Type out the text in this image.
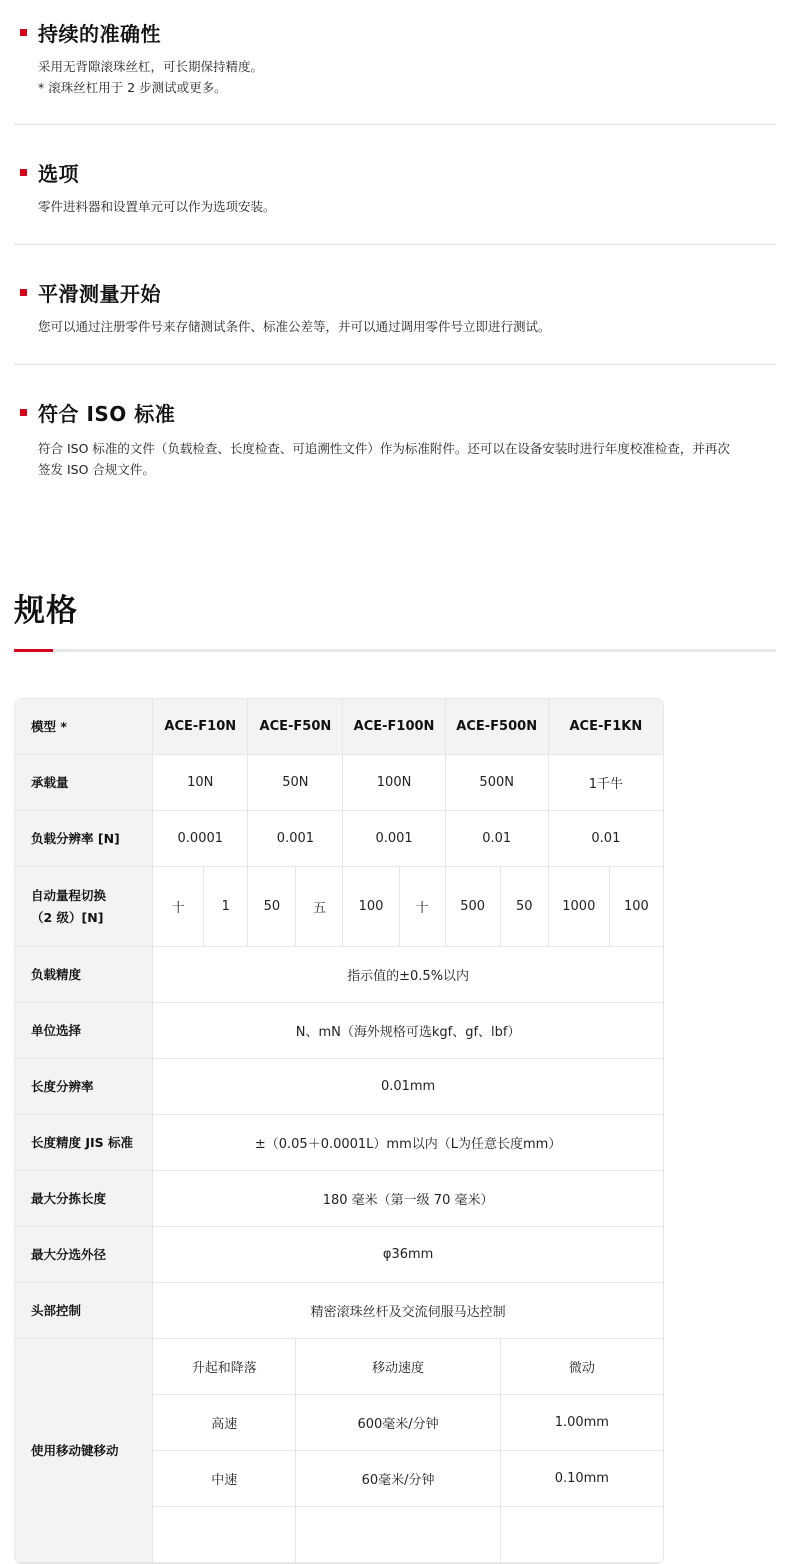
持续的准确性
采用无背隙滚珠丝杠，可长期保持精度。
* 滚珠丝杠用于 2 步测试或更多。
选项
零件进料器和设置单元可以作为选项安装。
平滑测量开始
您可以通过注册零件号来存储测试条件、标准公差等，并可以通过调用零件号立即进行测试。
符合 ISO 标准
符合 ISO 标准的文件（负载检查、长度检查、可追溯性文件）作为标准附件。还可以在设备安装时进行年度校准检查，并再次
签发 ISO 合规文件。
规格
模型 *	ACE-F10N		ACE-F50N		ACE-F100N		ACE-F500N		ACE-F1KN	
承载量	10N		50N		100N		500N		1千牛	
负载分辨率 [N]	0.0001		0.001		0.001		0.01		0.01	

自动量程切换
（2 级）[N]	十	1	50	五	100	十	500	50	1000	100
负载精度	指示值的±0.5%以内									
单位选择	N、mN（海外规格可选kgf、gf、lbf）									
长度分辨率	0.01mm									
长度精度 JIS 标准	±（0.05＋0.0001L）mm以内（L为任意长度mm）									
最大分拣长度	180 毫米（第一级 70 毫米）									
最大分选外径	φ36mm									
头部控制	精密滚珠丝杆及交流伺服马达控制									
使用移动键移动	升起和降落			移动速度				微动		
	高速			600毫米/分钟				1.00mm		
	中速			60毫米/分钟				0.10mm		
